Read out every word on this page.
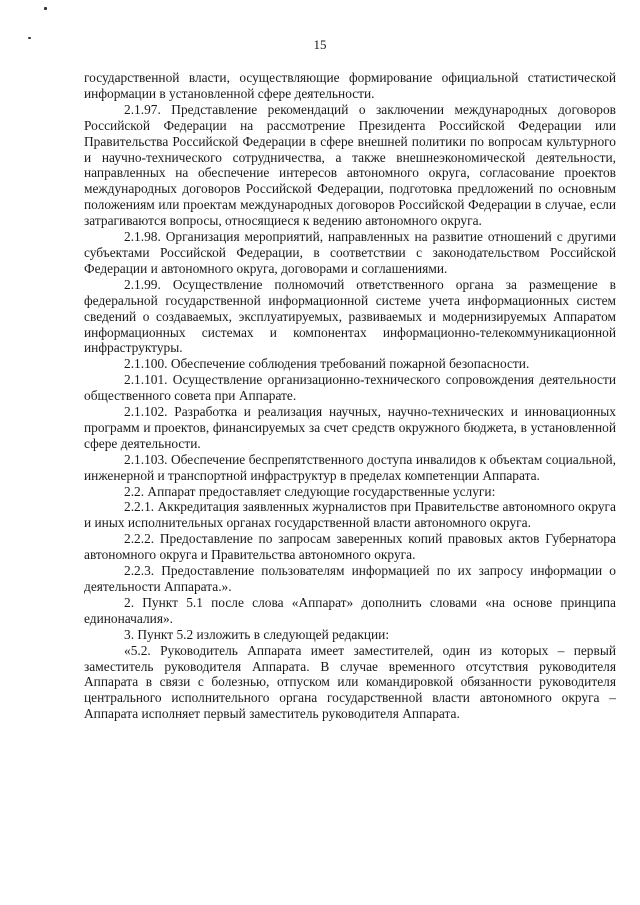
15

государственной власти, осуществляющие формирование официальной статистической информации в установленной сфере деятельности.

2.1.97. Представление рекомендаций о заключении международных договоров Российской Федерации на рассмотрение Президента Российской Федерации или Правительства Российской Федерации в сфере внешней политики по вопросам культурного и научно-технического сотрудничества, а также внешнеэкономической деятельности, направленных на обеспечение интересов автономного округа, согласование проектов международных договоров Российской Федерации, подготовка предложений по основным положениям или проектам международных договоров Российской Федерации в случае, если затрагиваются вопросы, относящиеся к ведению автономного округа.

2.1.98. Организация мероприятий, направленных на развитие отношений с другими субъектами Российской Федерации, в соответствии с законодательством Российской Федерации и автономного округа, договорами и соглашениями.

2.1.99. Осуществление полномочий ответственного органа за размещение в федеральной государственной информационной системе учета информационных систем сведений о создаваемых, эксплуатируемых, развиваемых и модернизируемых Аппаратом информационных системах и компонентах информационно-телекоммуникационной инфраструктуры.

2.1.100. Обеспечение соблюдения требований пожарной безопасности.

2.1.101. Осуществление организационно-технического сопровождения деятельности общественного совета при Аппарате.

2.1.102. Разработка и реализация научных, научно-технических и инновационных программ и проектов, финансируемых за счет средств окружного бюджета, в установленной сфере деятельности.

2.1.103. Обеспечение беспрепятственного доступа инвалидов к объектам социальной, инженерной и транспортной инфраструктур в пределах компетенции Аппарата.

2.2. Аппарат предоставляет следующие государственные услуги:

2.2.1. Аккредитация заявленных журналистов при Правительстве автономного округа и иных исполнительных органах государственной власти автономного округа.

2.2.2. Предоставление по запросам заверенных копий правовых актов Губернатора автономного округа и Правительства автономного округа.

2.2.3. Предоставление пользователям информацией по их запросу информации о деятельности Аппарата.».

2. Пункт 5.1 после слова «Аппарат» дополнить словами «на основе принципа единоначалия».

3. Пункт 5.2 изложить в следующей редакции:

«5.2. Руководитель Аппарата имеет заместителей, один из которых – первый заместитель руководителя Аппарата. В случае временного отсутствия руководителя Аппарата в связи с болезнью, отпуском или командировкой обязанности руководителя центрального исполнительного органа государственной власти автономного округа – Аппарата исполняет первый заместитель руководителя Аппарата.
